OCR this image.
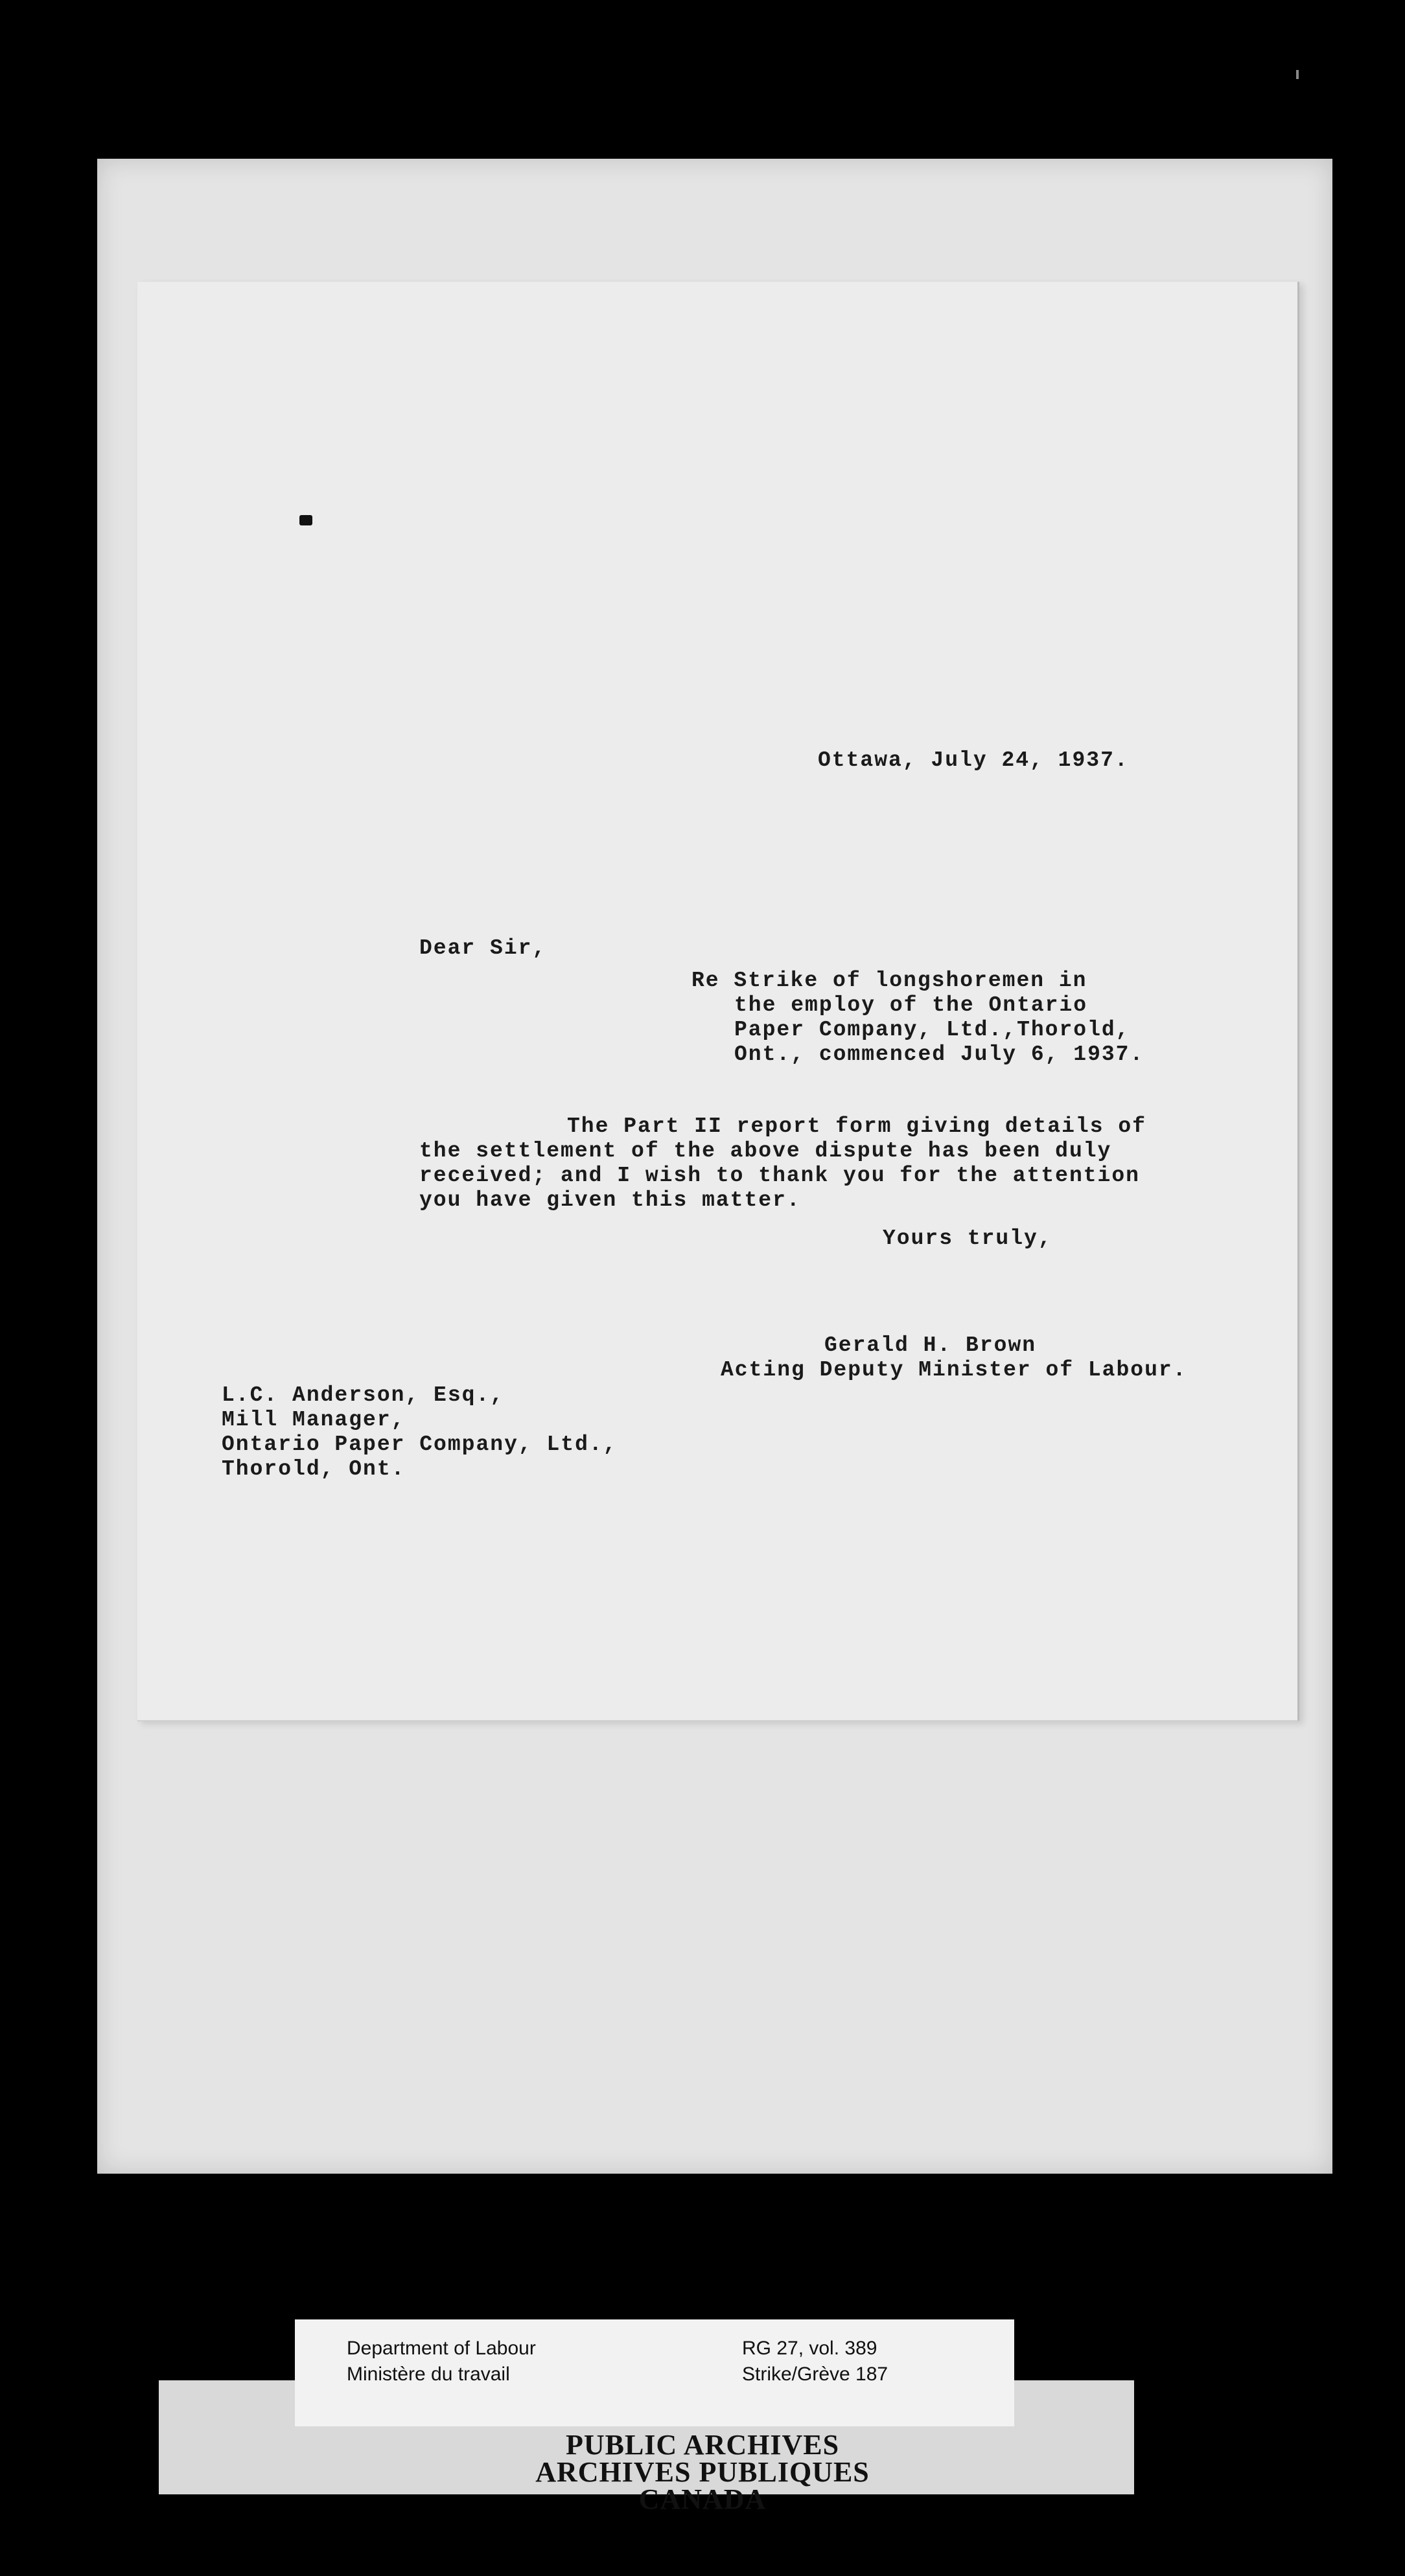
Ottawa, July 24, 1937.
Dear Sir,
Re Strike of longshoremen in
the employ of the Ontario
Paper Company, Ltd.,Thorold,
Ont., commenced July 6, 1937.
The Part II report form giving details of
the settlement of the above dispute has been duly
received; and I wish to thank you for the attention
you have given this matter.
Yours truly,
Gerald H. Brown
Acting Deputy Minister of Labour.
L.C. Anderson, Esq.,
Mill Manager,
Ontario Paper Company, Ltd.,
Thorold, Ont.
Department of Labour
Ministère du travail
RG 27, vol. 389
Strike/Grève 187
PUBLIC ARCHIVES
ARCHIVES PUBLIQUES
CANADA
